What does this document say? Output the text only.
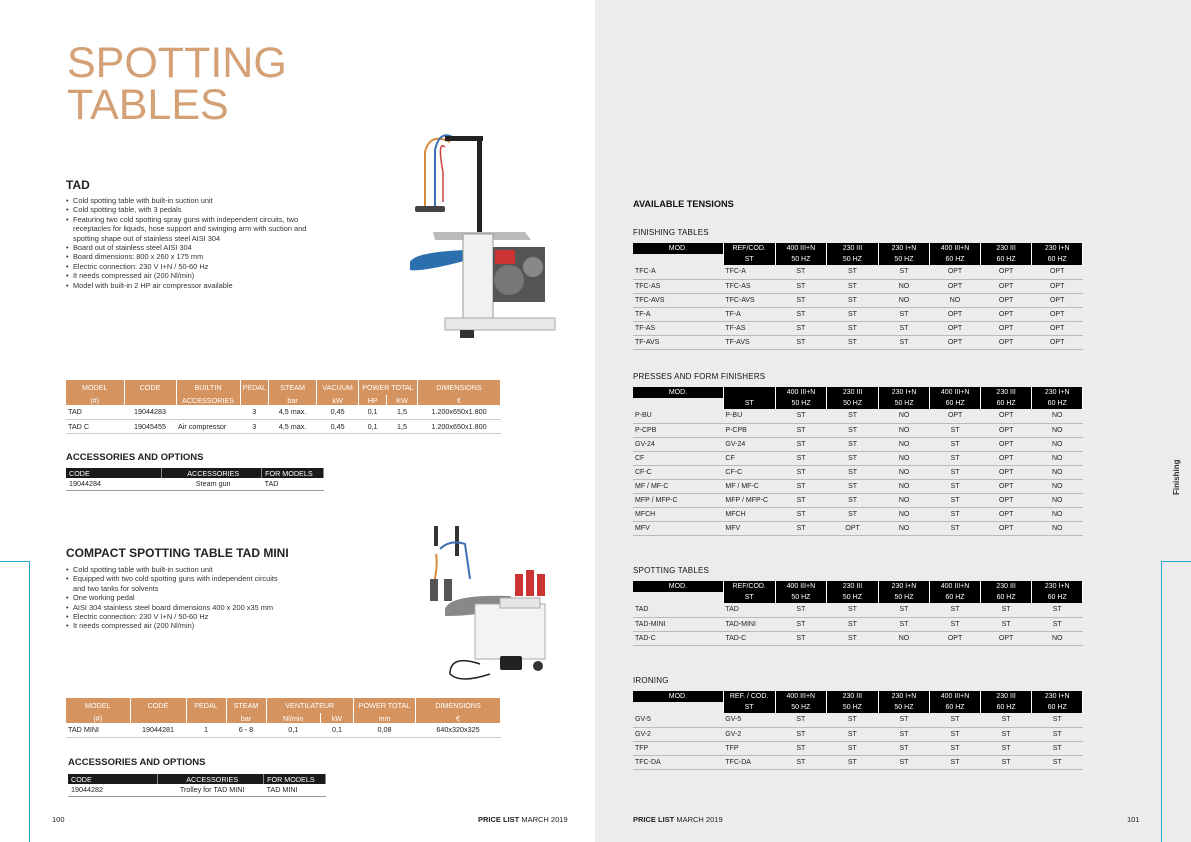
SPOTTING
TABLES
TAD
• Cold spotting table with built-in suction unit
• Cold spotting table, with 3 pedals
• Featuring two cold spotting spray guns with independent circuits, two
receptacles for liquids, hose support and swinging arm with suction and
spotting shape out of stainless steel AISI 304
• Board out of stainless steel AISI 304
• Board dimensions: 800 x 260 x 175 mm
• Electric connection: 230 V I+N / 50-60 Hz
• It needs compressed air (200 Nl/min)
• Model with built-in 2 HP air compressor available
MODEL	CODE	BUILTIN	PEDAL	STEAM	VACUUM	POWER TOTAL		DIMENSIONS
(#)		ACCESSORIES		bar	kW	HP	KW	€
TAD	19044283		3	4,5 max.	0,45	0,1	1,5	1.200x650x1.800
TAD C	19045455	Air compressor	3	4,5 max.	0,45	0,1	1,5	1.200x650x1.800
ACCESSORIES AND OPTIONS
CODE	ACCESSORIES	FOR MODELS
19044284	Steam gun	TAD
COMPACT SPOTTING TABLE TAD MINI
• Cold spotting table with built-in suction unit
• Equipped with two cold spotting guns with independent circuits
and two tanks for solvents
• One working pedal
• AISI 304 stainless steel board dimensions 400 x 200 x35 mm
• Electric connection: 230 V I+N / 50-60 Hz
• It needs compressed air (200 Nl/min)
MODEL	CODE	PEDAL	STEAM	VENTILATEUR		POWER TOTAL	DIMENSIONS
(#)			bar	Nl/min	kW	mm	€
TAD MINI	19044281	1	6 - 8	0,1	0,1	0,08	640x320x325
ACCESSORIES AND OPTIONS
CODE	ACCESSORIES	FOR MODELS
19044282	Trolley for TAD MINI	TAD MINI
100	PRICE LIST MARCH 2019
AVAILABLE TENSIONS
FINISHING TABLES
MOD.	REF/COD.	400 III+N	230 III	230 I+N	400 III+N	230 III	230 I+N
	ST	50 HZ	50 HZ	50 HZ	60 HZ	60 HZ	60 HZ
TFC-A	TFC-A	ST	ST	ST	OPT	OPT	OPT
TFC-AS	TFC-AS	ST	ST	NO	OPT	OPT	OPT
TFC-AVS	TFC-AVS	ST	ST	NO	NO	OPT	OPT
TF-A	TF-A	ST	ST	ST	OPT	OPT	OPT
TF-AS	TF-AS	ST	ST	ST	OPT	OPT	OPT
TF-AVS	TF-AVS	ST	ST	ST	OPT	OPT	OPT
PRESSES AND FORM FINISHERS
MOD.		400 III+N	230 III	230 I+N	400 III+N	230 III	230 I+N
	ST	50 HZ	50 HZ	50 HZ	60 HZ	60 HZ	60 HZ
P-BU	P-BU	ST	ST	NO	OPT	OPT	NO
P-CPB	P-CPB	ST	ST	NO	ST	OPT	NO
GV-24	GV-24	ST	ST	NO	ST	OPT	NO
CF	CF	ST	ST	NO	ST	OPT	NO
CF-C	CF-C	ST	ST	NO	ST	OPT	NO
MF / MF-C	MF / MF-C	ST	ST	NO	ST	OPT	NO
MFP / MFP-C	MFP / MFP-C	ST	ST	NO	ST	OPT	NO
MFCH	MFCH	ST	ST	NO	ST	OPT	NO
MFV	MFV	ST	OPT	NO	ST	OPT	NO
SPOTTING TABLES
MOD.	REF/COD.	400 III+N	230 III	230 I+N	400 III+N	230 III	230 I+N
	ST	50 HZ	50 HZ	50 HZ	60 HZ	60 HZ	60 HZ
TAD	TAD	ST	ST	ST	ST	ST	ST
TAD-MINI	TAD-MINI	ST	ST	ST	ST	ST	ST
TAD-C	TAD-C	ST	ST	NO	OPT	OPT	NO
IRONING
MOD.	REF. / COD.	400 III+N	230 III	230 I+N	400 III+N	230 III	230 I+N
	ST	50 HZ	50 HZ	50 HZ	60 HZ	60 HZ	60 HZ
GV-5	GV-5	ST	ST	ST	ST	ST	ST
GV-2	GV-2	ST	ST	ST	ST	ST	ST
TFP	TFP	ST	ST	ST	ST	ST	ST
TFC-DA	TFC-DA	ST	ST	ST	ST	ST	ST
Finishing
PRICE LIST MARCH 2019	101
